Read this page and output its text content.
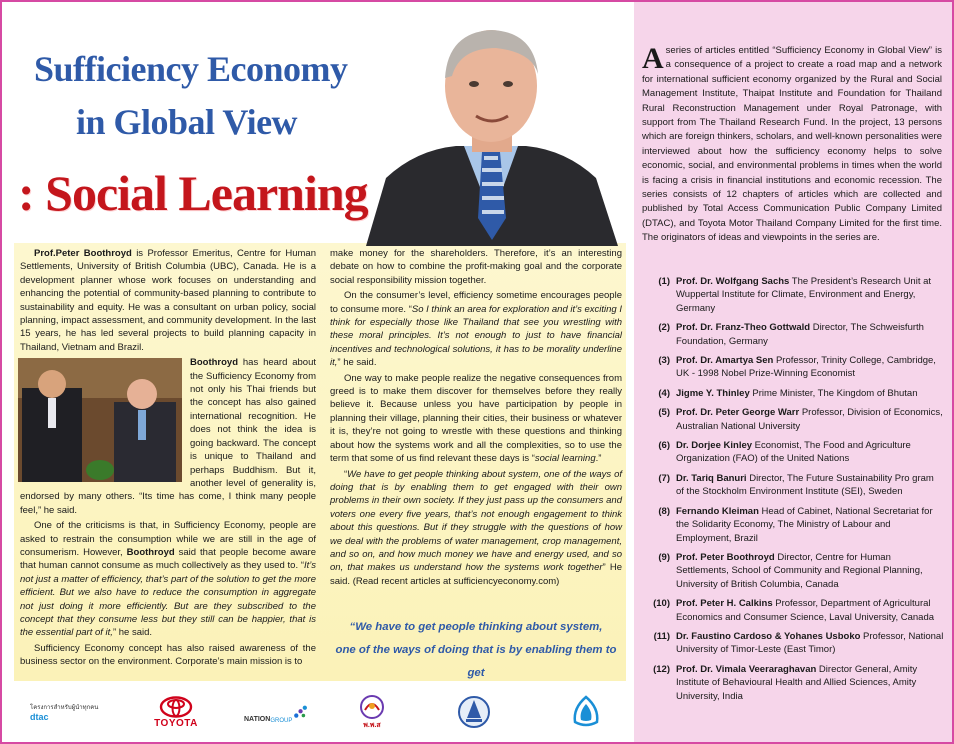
Sufficiency Economy
in Global View
: Social Learning

Prof.Peter Boothroyd is Professor Emeritus, Centre for Human Settlements, University of British Columbia (UBC), Canada. He is a development planner whose work focuses on understanding and enhancing the potential of community-based planning to contribute to sustainability and equity. He was a consultant on urban policy, social planning, impact assessment, and community development. In the last 15 years, he has led several projects to build planning capacity in Thailand, Vietnam and Brazil.

Boothroyd has heard about the Sufficiency Economy from not only his Thai friends but the concept has also gained international recognition. He does not think the idea is going backward. The concept is unique to Thailand and perhaps Buddhism. But it, another level of generality is, endorsed by many others. “Its time has come, I think many people feel,” he said.

One of the criticisms is that, in Sufficiency Economy, people are asked to restrain the consumption while we are still in the age of consumerism. However, Boothroyd said that people become aware that human cannot consume as much collectively as they used to. “It’s not just a matter of efficiency, that’s part of the solution to get the more efficient. But we also have to reduce the consumption in aggregate not just doing it more efficiently. But are they subscribed to the concept that they consume less but they still can be happier, that is the essential part of it,” he said.

Sufficiency Economy concept has also raised awareness of the business sector on the environment. Corporate’s main mission is to

make money for the shareholders. Therefore, it’s an interesting debate on how to combine the profit-making goal and the corporate social responsibility mission together.

On the consumer’s level, efficiency sometime encourages people to consume more. “So I think an area for exploration and it’s exciting I think for especially those like Thailand that see you wrestling with these moral principles. It’s not enough to just to have financial incentives and technological solutions, it has to be morality underline it,” he said.

One way to make people realize the negative consequences from greed is to make them discover for themselves before they really believe it. Because unless you have participation by people in planning their village, planning their cities, their business or whatever it is, they’re not going to wrestle with these questions and thinking about how the systems work and all the complexities, so to use the term that some of us find relevant these days is “social learning.”

“We have to get people thinking about system, one of the ways of doing that is by enabling them to get engaged with their own problems in their own society. If they just pass up the consumers and voters one every five years, that’s not enough engagement to think about this questions. But if they struggle with the questions of how we deal with the problems of water management, crop management, and so on, and how much money we have and energy used, and so on, that makes us understand how the systems work together” He said. (Read recent articles at sufficiencyeconomy.com)

“We have to get people thinking about system,
one of the ways of doing that is by enabling them to get
โครงการสำหรับผู้นำทุกคน
dtac
TOYOTA	NATION GROUP
พ.พ.ส
A series of articles entitled “Sufficiency Economy in Global View” is a consequence of a project to create a road map and a network for international sufficient economy organized by the Rural and Social Management Institute, Thaipat Institute and Foundation for Thailand Rural Reconstruction Management under Royal Patronage, with support from The Thailand Research Fund. In the project, 13 persons which are foreign thinkers, scholars, and well-known personalities were interviewed about how the sufficiency economy helps to solve economic, social, and environmental problems in times when the world is facing a crisis in financial institutions and economic recession. The series consists of 12 chapters of articles which are collected and published by Total Access Communication Public Company Limited (DTAC), and Toyota Motor Thailand Company Limited for the first time. The originators of ideas and viewpoints in the series are.
(1) Prof. Dr. Wolfgang Sachs The President’s Research Unit at Wuppertal Institute for Climate, Environment and Energy, Germany
(2) Prof. Dr. Franz-Theo Gottwald Director, The Schweisfurth Foundation, Germany
(3) Prof. Dr. Amartya Sen Professor, Trinity College, Cambridge, UK - 1998 Nobel Prize-Winning Economist
(4) Jigme Y. Thinley Prime Minister, The Kingdom of Bhutan
(5) Prof. Dr. Peter George Warr Professor, Division of Economics, Australian National University
(6) Dr. Dorjee Kinley Economist, The Food and Agriculture Organization (FAO) of the United Nations
(7) Dr. Tariq Banuri Director, The Future Sustainability Pro gram of the Stockholm Environment Institute (SEI), Sweden
(8) Fernando Kleiman Head of Cabinet, National Secretariat for the Solidarity Economy, The Ministry of Labour and Employment, Brazil
(9) Prof. Peter Boothroyd Director, Centre for Human Settlements, School of Community and Regional Planning, University of British Columbia, Canada
(10) Prof. Peter H. Calkins Professor, Department of Agricultural Economics and Consumer Science, Laval University, Canada
(11) Dr. Faustino Cardoso & Yohanes Usboko Professor, National University of Timor-Leste (East Timor)
(12) Prof. Dr. Vimala Veeraraghavan Director General, Amity Institute of Behavioural Health and Allied Sciences, Amity University, India
